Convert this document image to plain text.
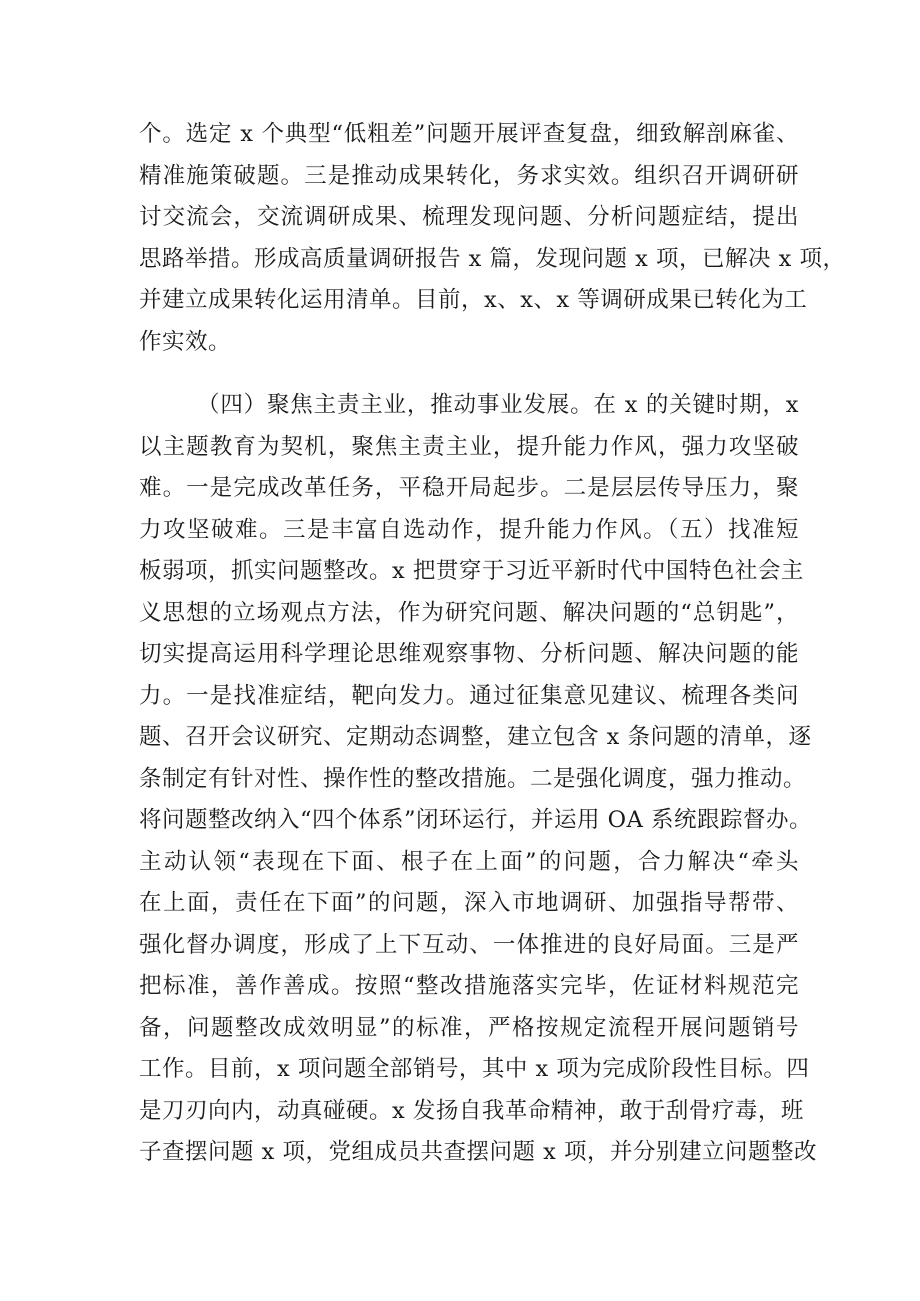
个。选定 x 个典型“低粗差”问题开展评查复盘，细致解剖麻雀、
精准施策破题。三是推动成果转化，务求实效。组织召开调研研
讨交流会，交流调研成果、梳理发现问题、分析问题症结，提出
思路举措。形成高质量调研报告 x 篇，发现问题 x 项，已解决 x 项，
并建立成果转化运用清单。目前，x、x、x 等调研成果已转化为工
作实效。
（四）聚焦主责主业，推动事业发展。在 x 的关键时期，x
以主题教育为契机，聚焦主责主业，提升能力作风，强力攻坚破
难。一是完成改革任务，平稳开局起步。二是层层传导压力，聚
力攻坚破难。三是丰富自选动作，提升能力作风。（五）找准短
板弱项，抓实问题整改。x 把贯穿于习近平新时代中国特色社会主
义思想的立场观点方法，作为研究问题、解决问题的“总钥匙”，
切实提高运用科学理论思维观察事物、分析问题、解决问题的能
力。一是找准症结，靶向发力。通过征集意见建议、梳理各类问
题、召开会议研究、定期动态调整，建立包含 x 条问题的清单，逐
条制定有针对性、操作性的整改措施。二是强化调度，强力推动。
将问题整改纳入“四个体系”闭环运行，并运用 OA 系统跟踪督办。
主动认领“表现在下面、根子在上面”的问题，合力解决“牵头
在上面，责任在下面”的问题，深入市地调研、加强指导帮带、
强化督办调度，形成了上下互动、一体推进的良好局面。三是严
把标准，善作善成。按照“整改措施落实完毕，佐证材料规范完
备，问题整改成效明显”的标准，严格按规定流程开展问题销号
工作。目前，x 项问题全部销号，其中 x 项为完成阶段性目标。四
是刀刃向内，动真碰硬。x 发扬自我革命精神，敢于刮骨疗毒，班
子查摆问题 x 项，党组成员共查摆问题 x 项，并分别建立问题整改
